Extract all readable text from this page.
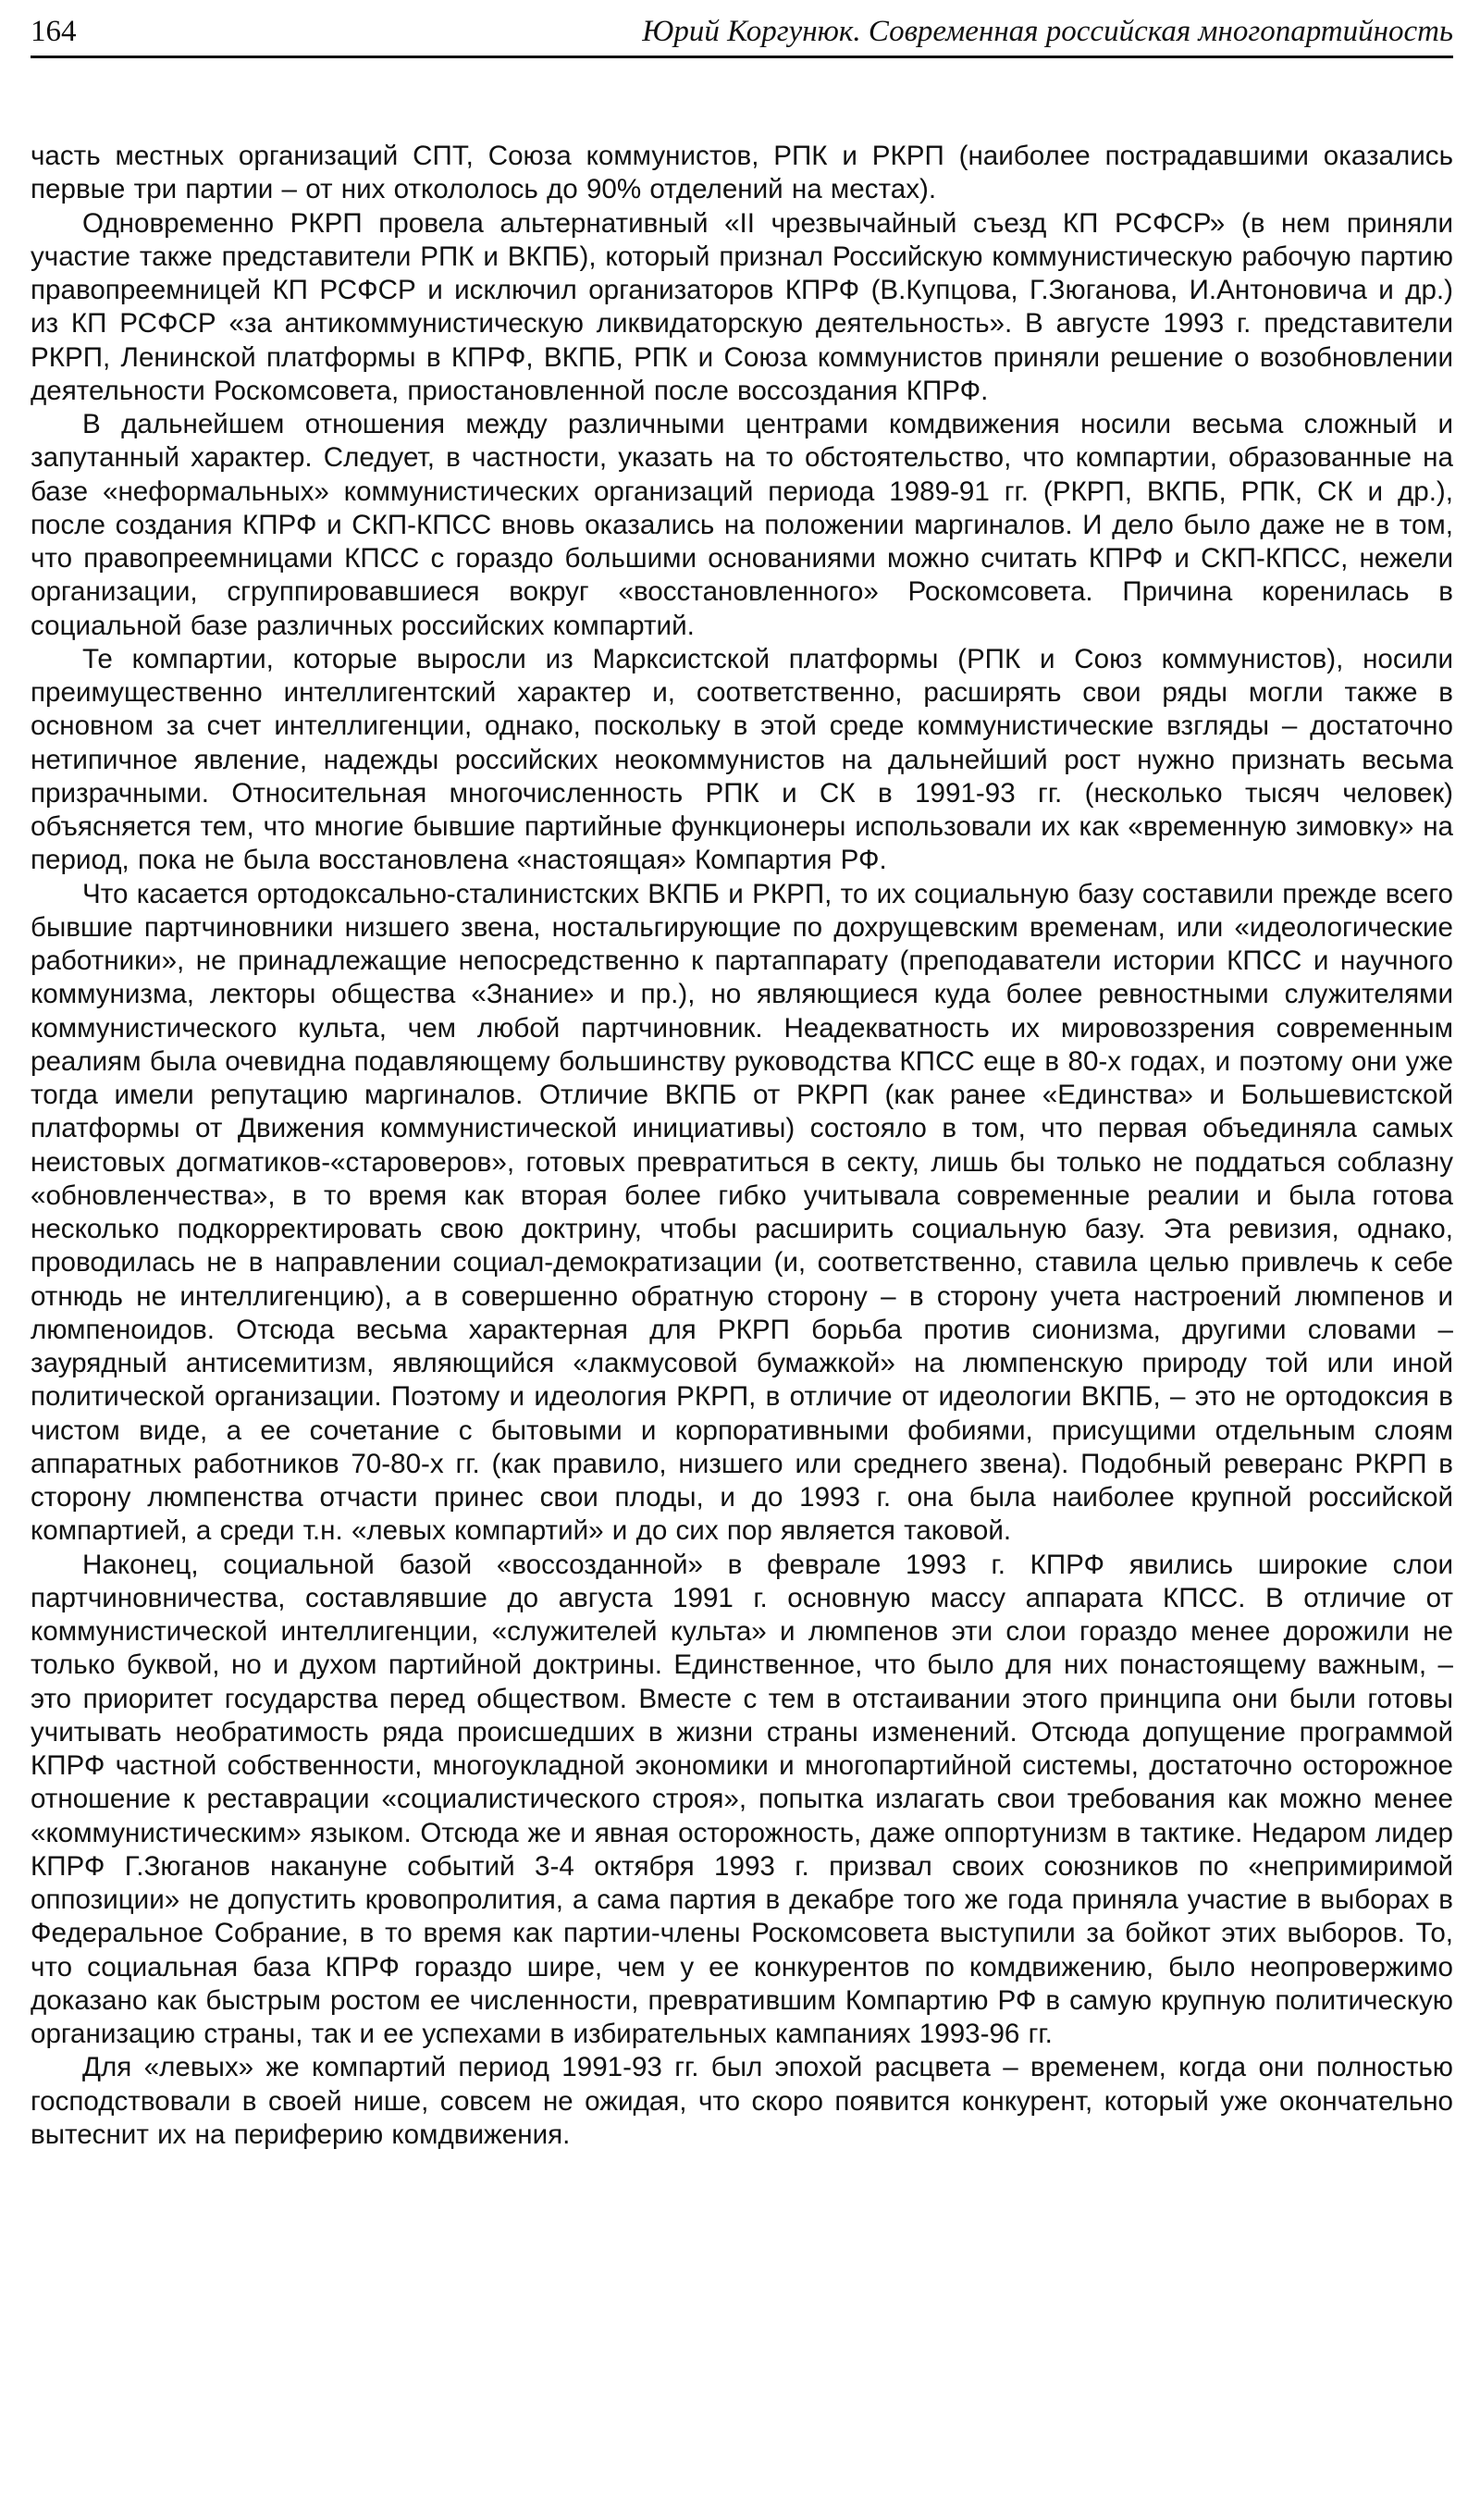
164	Юрий Коргунюк. Современная российская многопартийность

часть местных организаций СПТ, Союза коммунистов, РПК и РКРП (наиболее пострадавшими оказались первые три партии – от них откололось до 90% отделений на местах).

Одновременно РКРП провела альтернативный «II чрезвычайный съезд КП РСФСР» (в нем приняли участие также представители РПК и ВКПБ), который признал Российскую коммунистическую рабочую партию правопреемницей КП РСФСР и исключил организаторов КПРФ (В.Купцова, Г.Зюганова, И.Антоновича и др.) из КП РСФСР «за антикоммунистическую ликвидаторскую деятельность». В августе 1993 г. представители РКРП, Ленинской платформы в КПРФ, ВКПБ, РПК и Союза коммунистов приняли решение о возобновлении деятельности Роскомсовета, приостановленной после воссоздания КПРФ.

В дальнейшем отношения между различными центрами комдвижения носили весьма сложный и запутанный характер. Следует, в частности, указать на то обстоятельство, что компартии, образованные на базе «неформальных» коммунистических организаций периода 1989-91 гг. (РКРП, ВКПБ, РПК, СК и др.), после создания КПРФ и СКП-КПСС вновь оказались на положении маргиналов. И дело было даже не в том, что правопреемницами КПСС с гораздо большими основаниями можно считать КПРФ и СКП-КПСС, нежели организации, сгруппировавшиеся вокруг «восстановленного» Роскомсовета. Причина коренилась в социальной базе различных российских компартий.

Те компартии, которые выросли из Марксистской платформы (РПК и Союз коммунистов), носили преимущественно интеллигентский характер и, соответственно, расширять свои ряды могли также в основном за счет интеллигенции, однако, поскольку в этой среде коммунистические взгляды – достаточно нетипичное явление, надежды российских неокоммунистов на дальнейший рост нужно признать весьма призрачными. Относительная многочисленность РПК и СК в 1991-93 гг. (несколько тысяч человек) объясняется тем, что многие бывшие партийные функционеры использовали их как «временную зимовку» на период, пока не была восстановлена «настоящая» Компартия РФ.

Что касается ортодоксально-сталинистских ВКПБ и РКРП, то их социальную базу составили прежде всего бывшие партчиновники низшего звена, ностальгирующие по дохрущевским временам, или «идеологические работники», не принадлежащие непосредственно к партаппарату (преподаватели истории КПСС и научного коммунизма, лекторы общества «Знание» и пр.), но являющиеся куда более ревностными служителями коммунистического культа, чем любой партчиновник. Неадекватность их мировоззрения современным реалиям была очевидна подавляющему большинству руководства КПСС еще в 80-х годах, и поэтому они уже тогда имели репутацию маргиналов. Отличие ВКПБ от РКРП (как ранее «Единства» и Большевистской платформы от Движения коммунистической инициативы) состояло в том, что первая объединяла самых неистовых догматиков-«староверов», готовых превратиться в секту, лишь бы только не поддаться соблазну «обновленчества», в то время как вторая более гибко учитывала современные реалии и была готова несколько подкорректировать свою доктрину, чтобы расширить социальную базу. Эта ревизия, однако, проводилась не в направлении социал-демократизации (и, соответственно, ставила целью привлечь к себе отнюдь не интеллигенцию), а в совершенно обратную сторону – в сторону учета настроений люмпенов и люмпеноидов. Отсюда весьма характерная для РКРП борьба против сионизма, другими словами – заурядный антисемитизм, являющийся «лакмусовой бумажкой» на люмпенскую природу той или иной политической организации. Поэтому и идеология РКРП, в отличие от идеологии ВКПБ, – это не ортодоксия в чистом виде, а ее сочетание с бытовыми и корпоративными фобиями, присущими отдельным слоям аппаратных работников 70-80-х гг. (как правило, низшего или среднего звена). Подобный реверанс РКРП в сторону люмпенства отчасти принес свои плоды, и до 1993 г. она была наиболее крупной российской компартией, а среди т.н. «левых компартий» и до сих пор является таковой.

Наконец, социальной базой «воссозданной» в феврале 1993 г. КПРФ явились широкие слои партчиновничества, составлявшие до августа 1991 г. основную массу аппарата КПСС. В отличие от коммунистической интеллигенции, «служителей культа» и люмпенов эти слои гораздо менее дорожили не только буквой, но и духом партийной доктрины. Единственное, что было для них понастоящему важным, – это приоритет государства перед обществом. Вместе с тем в отстаивании этого принципа они были готовы учитывать необратимость ряда происшедших в жизни страны изменений. Отсюда допущение программой КПРФ частной собственности, многоукладной экономики и многопартийной системы, достаточно осторожное отношение к реставрации «социалистического строя», попытка излагать свои требования как можно менее «коммунистическим» языком. Отсюда же и явная осторожность, даже оппортунизм в тактике. Недаром лидер КПРФ Г.Зюганов накануне событий 3-4 октября 1993 г. призвал своих союзников по «непримиримой оппозиции» не допустить кровопролития, а сама партия в декабре того же года приняла участие в выборах в Федеральное Собрание, в то время как партии-члены Роскомсовета выступили за бойкот этих выборов. То, что социальная база КПРФ гораздо шире, чем у ее конкурентов по комдвижению, было неопровержимо доказано как быстрым ростом ее численности, превратившим Компартию РФ в самую крупную политическую организацию страны, так и ее успехами в избирательных кампаниях 1993-96 гг.

Для «левых» же компартий период 1991-93 гг. был эпохой расцвета – временем, когда они полностью господствовали в своей нише, совсем не ожидая, что скоро появится конкурент, который уже окончательно вытеснит их на периферию комдвижения.
